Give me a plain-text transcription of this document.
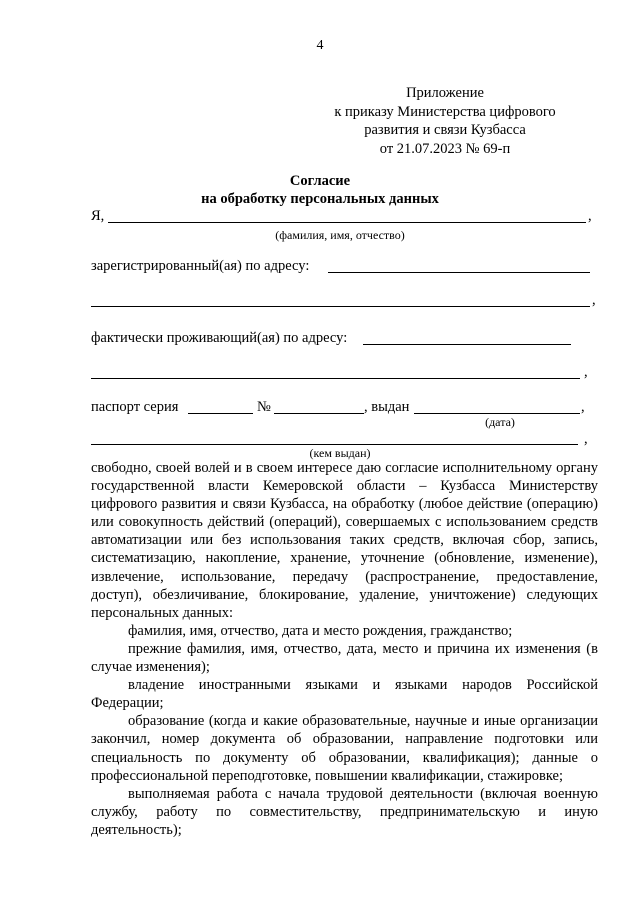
4
Приложение
к приказу Министерства цифрового
развития и связи Кузбасса
от 21.07.2023 № 69-п
Согласие
на обработку персональных данных
Я,	,
(фамилия, имя, отчество)
зарегистрированный(ая) по адресу:
,
фактически проживающий(ая) по адресу:
,
паспорт серия	№	, выдан	,
(дата)
,
(кем выдан)

свободно, своей волей и в своем интересе даю согласие исполнительному органу государственной власти Кемеровской области – Кузбасса Министерству цифрового развития и связи Кузбасса, на обработку (любое действие (операцию) или совокупность действий (операций), совершаемых с использованием средств автоматизации или без использования таких средств, включая сбор, запись, систематизацию, накопление, хранение, уточнение (обновление, изменение), извлечение, использование, передачу (распространение, предоставление, доступ), обезличивание, блокирование, удаление, уничтожение) следующих персональных данных:

фамилия, имя, отчество, дата и место рождения, гражданство;

прежние фамилия, имя, отчество, дата, место и причина их изменения (в случае изменения);

владение иностранными языками и языками народов Российской Федерации;

образование (когда и какие образовательные, научные и иные организации закончил, номер документа об образовании, направление подготовки или специальность по документу об образовании, квалификация); данные о профессиональной переподготовке, повышении квалификации, стажировке;

выполняемая работа с начала трудовой деятельности (включая военную службу, работу по совместительству, предпринимательскую и иную деятельность);
